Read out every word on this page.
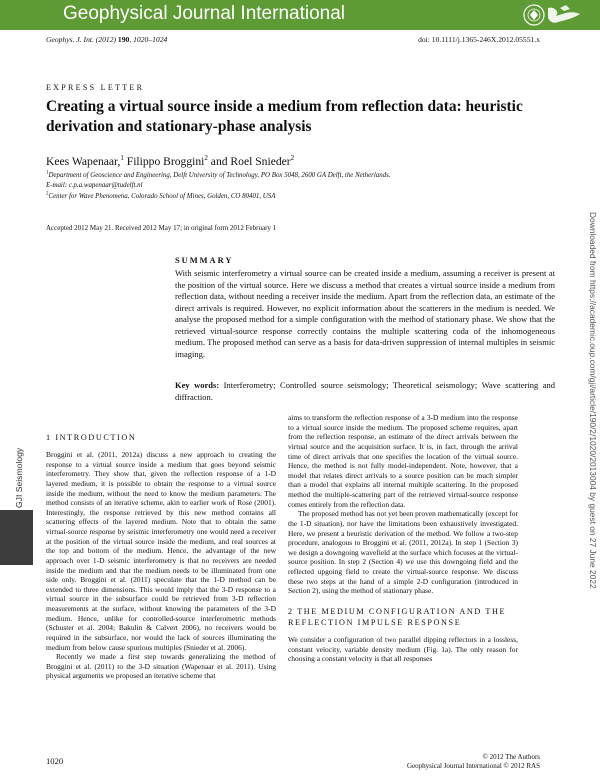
Geophysical Journal International
Geophys. J. Int. (2012) 190, 1020–1024	doi: 10.1111/j.1365-246X.2012.05551.x
EXPRESS LETTER
Creating a virtual source inside a medium from reflection data: heuristic derivation and stationary-phase analysis
Kees Wapenaar,$^1$ Filippo Broggini$^2$ and Roel Snieder$^2$
$^1$Department of Geoscience and Engineering, Delft University of Technology, PO Box 5048, 2600 GA Delft, the Netherlands.
E-mail: c.p.a.wapenaar@tudelft.nl
$^2$Center for Wave Phenomena, Colorado School of Mines, Golden, CO 80401, USA
Accepted 2012 May 21. Received 2012 May 17; in original form 2012 February 1	Downloaded from https://academic.oup.com/gji/article/190/2/1020/2013004 by guest on 27 June 2022
SUMMARY

With seismic interferometry a virtual source can be created inside a medium, assuming a receiver is present at the position of the virtual source. Here we discuss a method that creates a virtual source inside a medium from reflection data, without needing a receiver inside the medium. Apart from the reflection data, an estimate of the direct arrivals is required. However, no explicit information about the scatterers in the medium is needed. We analyse the proposed method for a simple configuration with the method of stationary phase. We show that the retrieved virtual-source response correctly contains the multiple scattering coda of the inhomogeneous medium. The proposed method can serve as a basis for data-driven suppression of internal multiples in seismic imaging.

Key words: Interferometry; Controlled source seismology; Theoretical seismology; Wave scattering and diffraction.

GJI Seismology
1 INTRODUCTION

Broggini et al. (2011, 2012a) discuss a new approach to creating the response to a virtual source inside a medium that goes beyond seismic interferometry. They show that, given the reflection response of a 1-D layered medium, it is possible to obtain the response to a virtual source inside the medium, without the need to know the medium parameters. The method consists of an iterative scheme, akin to earlier work of Rose (2001). Interestingly, the response retrieved by this new method contains all scattering effects of the layered medium. Note that to obtain the same virtual-source response by seismic interferometry one would need a receiver at the position of the virtual source inside the medium, and real sources at the top and bottom of the medium. Hence, the advantage of the new approach over 1-D seismic interferometry is that no receivers are needed inside the medium and that the medium needs to be illuminated from one side only. Broggini et al. (2011) speculate that the 1-D method can be extended to three dimensions. This would imply that the 3-D response to a virtual source in the subsurface could be retrieved from 3-D reflection measurements at the surface, without knowing the parameters of the 3-D medium. Hence, unlike for controlled-source interferometric methods (Schuster et al. 2004; Bakulin & Calvert 2006), no receivers would be required in the subsurface, nor would the lack of sources illuminating the medium from below cause spurious multiples (Snieder et al. 2006).

Recently we made a first step towards generalizing the method of Broggini et al. (2011) to the 3-D situation (Wapenaar et al. 2011). Using physical arguments we proposed an iterative scheme that

aims to transform the reflection response of a 3-D medium into the response to a virtual source inside the medium. The proposed scheme requires, apart from the reflection response, an estimate of the direct arrivals between the virtual source and the acquisition surface. It is, in fact, through the arrival time of direct arrivals that one specifies the location of the virtual source. Hence, the method is not fully model-independent. Note, however, that a model that relates direct arrivals to a source position can be much simpler than a model that explains all internal multiple scattering. In the proposed method the multiple-scattering part of the retrieved virtual-source response comes entirely from the reflection data.

The proposed method has not yet been proven mathematically (except for the 1-D situation), nor have the limitations been exhaustively investigated. Here, we present a heuristic derivation of the method. We follow a two-step procedure, analogous to Broggini et al. (2011, 2012a). In step 1 (Section 3) we design a downgoing wavefield at the surface which focuses at the virtual-source position. In step 2 (Section 4) we use this downgoing field and the reflected upgoing field to create the virtual-source response. We discuss these two steps at the hand of a simple 2-D configuration (introduced in Section 2), using the method of stationary phase.

2 THE MEDIUM CONFIGURATION AND THE REFLECTION IMPULSE RESPONSE

We consider a configuration of two parallel dipping reflectors in a lossless, constant velocity, variable density medium (Fig. 1a). The only reason for choosing a constant velocity is that all responses

1020	© 2012 The Authors
Geophysical Journal International © 2012 RAS
